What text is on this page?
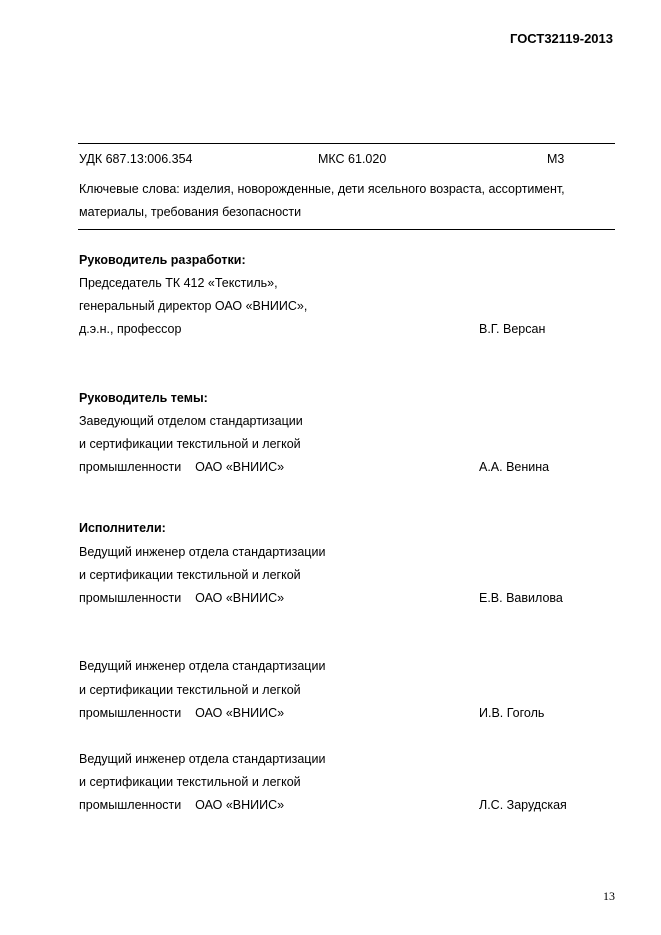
ГОСТ32119-2013
УДК 687.13:006.354	МКС 61.020	М3
Ключевые слова: изделия, новорожденные, дети ясельного возраста, ассортимент,
материалы, требования безопасности
Руководитель разработки:
Председатель ТК 412 «Текстиль»,
генеральный директор ОАО «ВНИИС»,
д.э.н., профессор	В.Г. Версан
Руководитель темы:
Заведующий отделом стандартизации
и сертификации текстильной и легкой
промышленности    ОАО «ВНИИС»	А.А. Венина
Исполнители:
Ведущий инженер отдела стандартизации
и сертификации текстильной и легкой
промышленности    ОАО «ВНИИС»	Е.В. Вавилова
Ведущий инженер отдела стандартизации
и сертификации текстильной и легкой
промышленности    ОАО «ВНИИС»	И.В. Гоголь
Ведущий инженер отдела стандартизации
и сертификации текстильной и легкой
промышленности    ОАО «ВНИИС»	Л.С. Зарудская
13
